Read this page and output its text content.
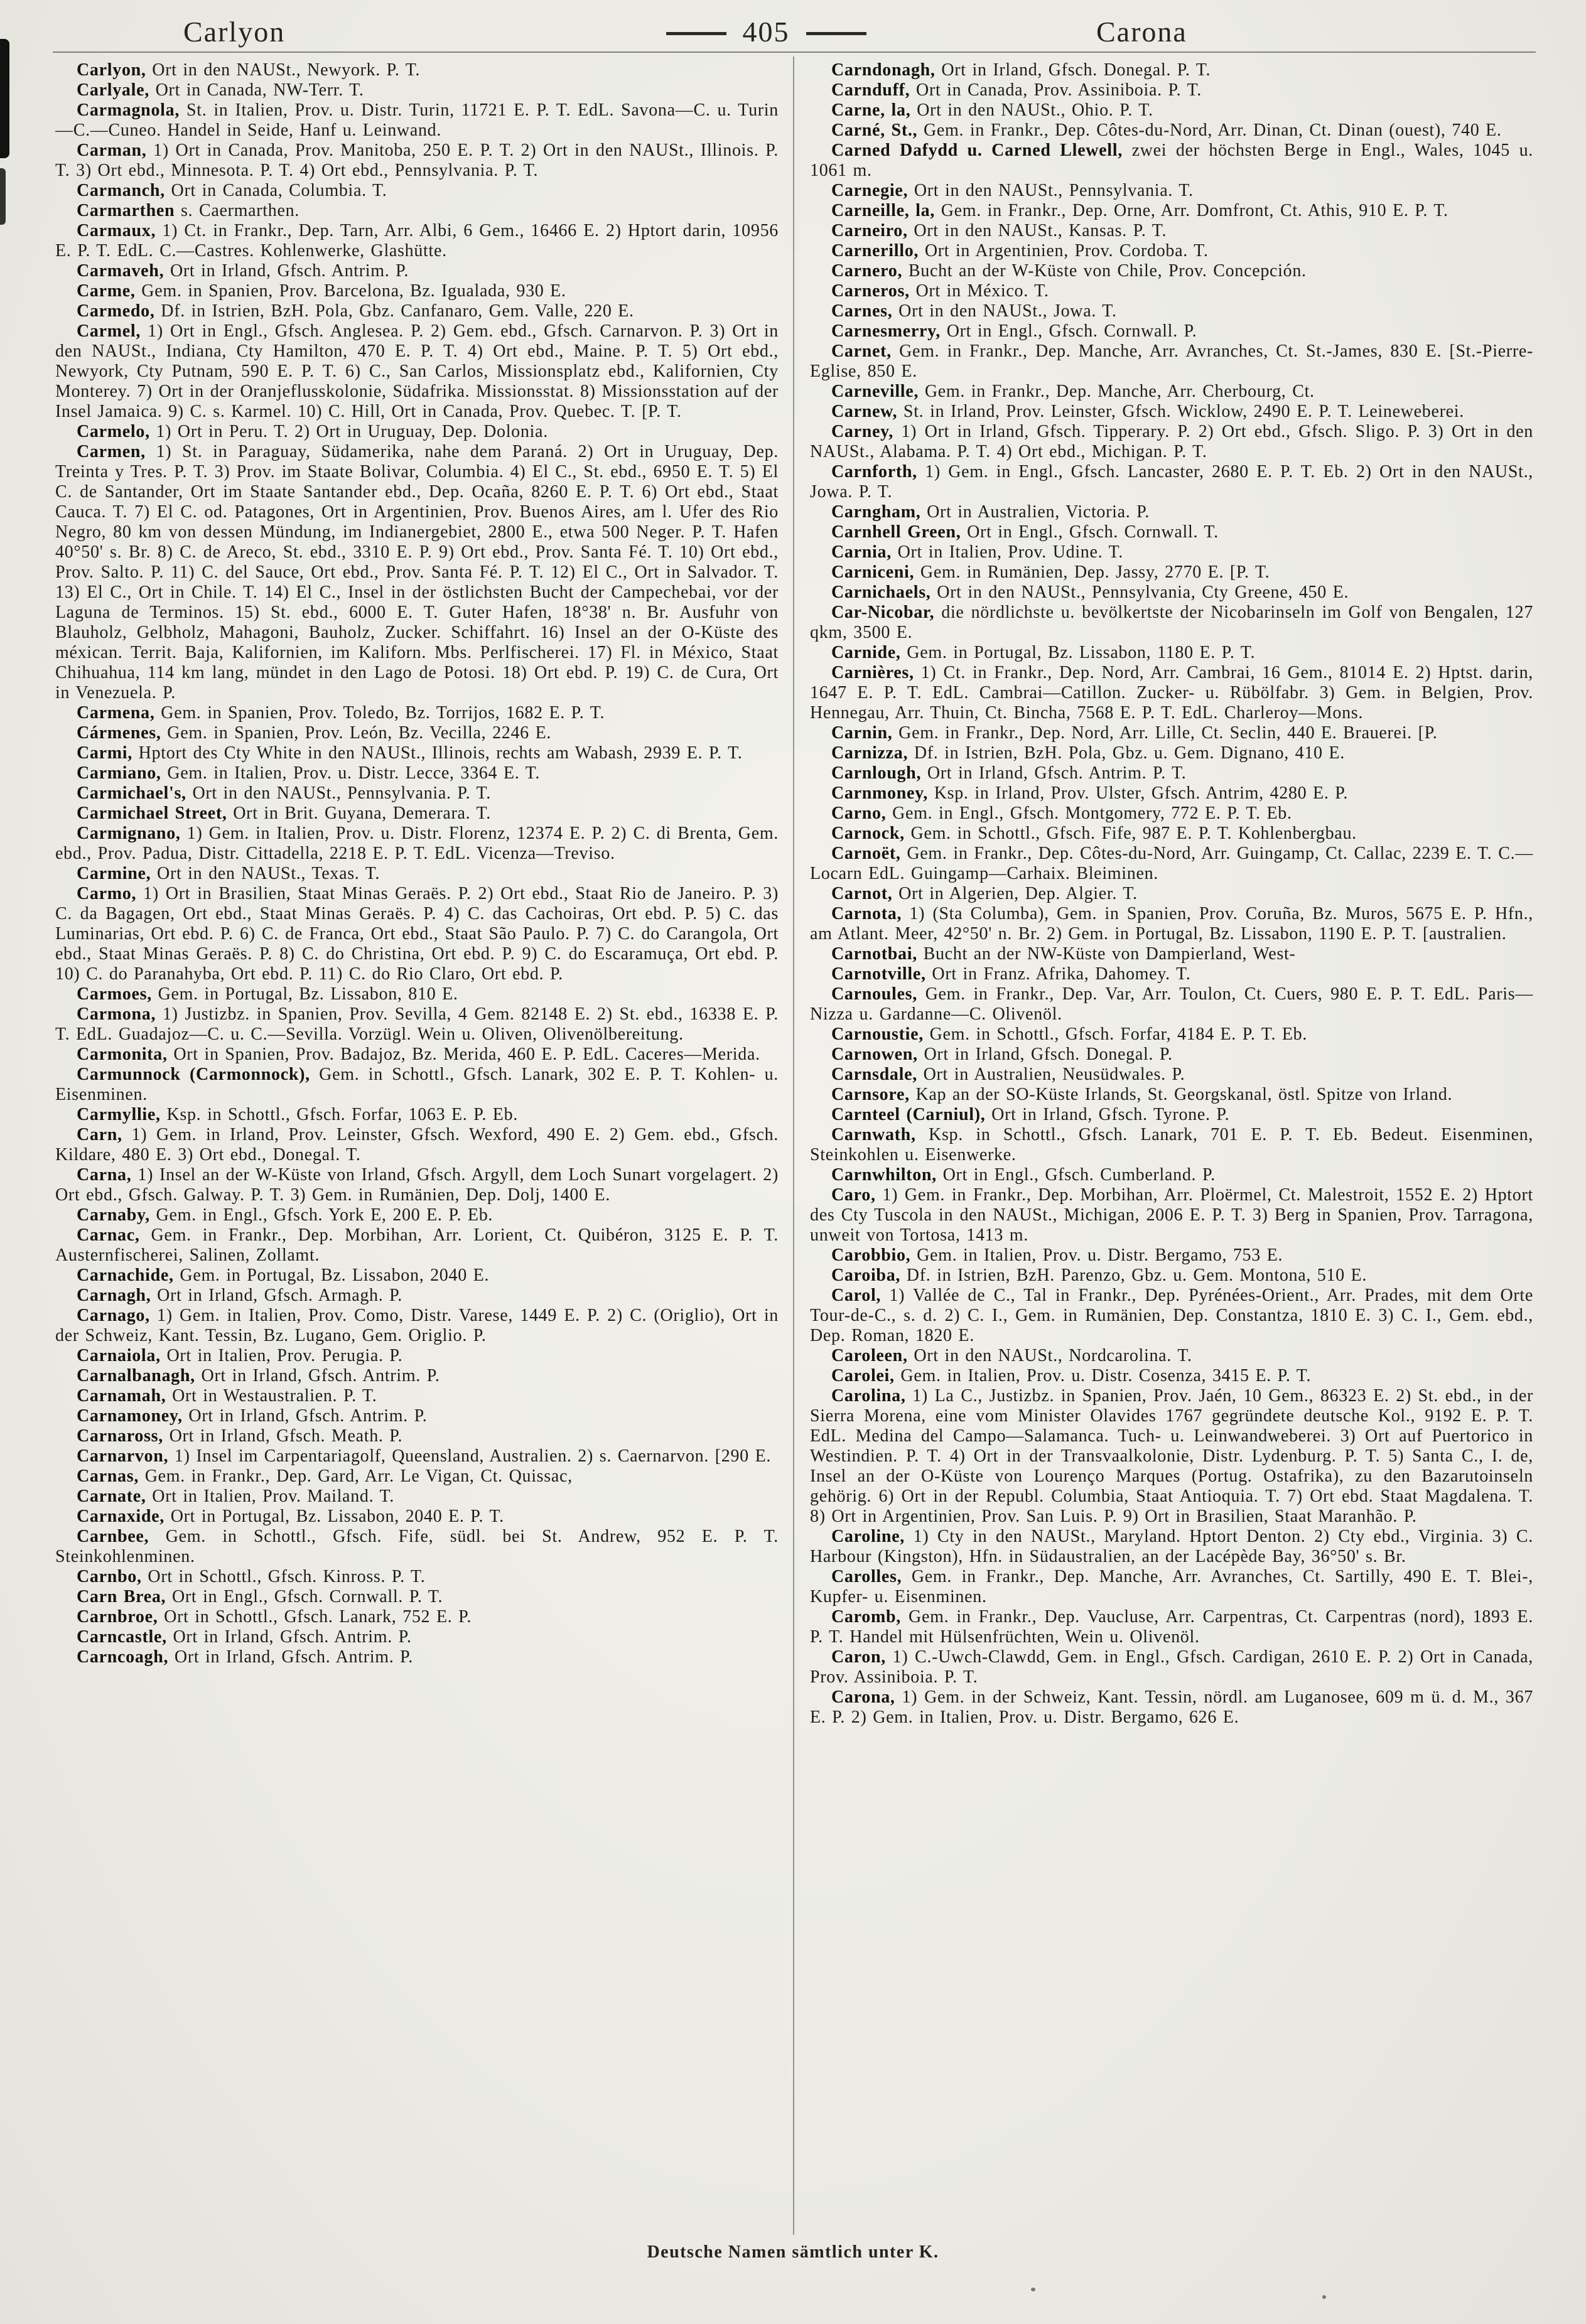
Carlyon	405	Carona

Carlyon, Ort in den NAUSt., Newyork. P. T.

Carlyale, Ort in Canada, NW-Terr. T.

Carmagnola, St. in Italien, Prov. u. Distr. Turin, 11721 E. P. T. EdL. Savona—C. u. Turin—C.—Cuneo. Handel in Seide, Hanf u. Leinwand.

Carman, 1) Ort in Canada, Prov. Manitoba, 250 E. P. T. 2) Ort in den NAUSt., Illinois. P. T. 3) Ort ebd., Minnesota. P. T. 4) Ort ebd., Pennsylvania. P. T.

Carmanch, Ort in Canada, Columbia. T.

Carmarthen s. Caermarthen.

Carmaux, 1) Ct. in Frankr., Dep. Tarn, Arr. Albi, 6 Gem., 16466 E. 2) Hptort darin, 10956 E. P. T. EdL. C.—Castres. Kohlenwerke, Glashütte.

Carmaveh, Ort in Irland, Gfsch. Antrim. P.

Carme, Gem. in Spanien, Prov. Barcelona, Bz. Igualada, 930 E.

Carmedo, Df. in Istrien, BzH. Pola, Gbz. Canfanaro, Gem. Valle, 220 E.

Carmel, 1) Ort in Engl., Gfsch. Anglesea. P. 2) Gem. ebd., Gfsch. Carnarvon. P. 3) Ort in den NAUSt., Indiana, Cty Hamilton, 470 E. P. T. 4) Ort ebd., Maine. P. T. 5) Ort ebd., Newyork, Cty Putnam, 590 E. P. T. 6) C., San Carlos, Missionsplatz ebd., Kalifornien, Cty Monterey. 7) Ort in der Oranjeflusskolonie, Südafrika. Missionsstat. 8) Missionsstation auf der Insel Jamaica. 9) C. s. Karmel. 10) C. Hill, Ort in Canada, Prov. Quebec. T. [P. T.

Carmelo, 1) Ort in Peru. T. 2) Ort in Uruguay, Dep. Dolonia.

Carmen, 1) St. in Paraguay, Südamerika, nahe dem Paraná. 2) Ort in Uruguay, Dep. Treinta y Tres. P. T. 3) Prov. im Staate Bolivar, Columbia. 4) El C., St. ebd., 6950 E. T. 5) El C. de Santander, Ort im Staate Santander ebd., Dep. Ocaña, 8260 E. P. T. 6) Ort ebd., Staat Cauca. T. 7) El C. od. Patagones, Ort in Argentinien, Prov. Buenos Aires, am l. Ufer des Rio Negro, 80 km von dessen Mündung, im Indianergebiet, 2800 E., etwa 500 Neger. P. T. Hafen 40°50' s. Br. 8) C. de Areco, St. ebd., 3310 E. P. 9) Ort ebd., Prov. Santa Fé. T. 10) Ort ebd., Prov. Salto. P. 11) C. del Sauce, Ort ebd., Prov. Santa Fé. P. T. 12) El C., Ort in Salvador. T. 13) El C., Ort in Chile. T. 14) El C., Insel in der östlichsten Bucht der Campechebai, vor der Laguna de Terminos. 15) St. ebd., 6000 E. T. Guter Hafen, 18°38' n. Br. Ausfuhr von Blauholz, Gelbholz, Mahagoni, Bauholz, Zucker. Schiffahrt. 16) Insel an der O-Küste des méxican. Territ. Baja, Kalifornien, im Kaliforn. Mbs. Perlfischerei. 17) Fl. in México, Staat Chihuahua, 114 km lang, mündet in den Lago de Potosi. 18) Ort ebd. P. 19) C. de Cura, Ort in Venezuela. P.

Carmena, Gem. in Spanien, Prov. Toledo, Bz. Torrijos, 1682 E. P. T.

Cármenes, Gem. in Spanien, Prov. León, Bz. Vecilla, 2246 E.

Carmi, Hptort des Cty White in den NAUSt., Illinois, rechts am Wabash, 2939 E. P. T.

Carmiano, Gem. in Italien, Prov. u. Distr. Lecce, 3364 E. T.

Carmichael's, Ort in den NAUSt., Pennsylvania. P. T.

Carmichael Street, Ort in Brit. Guyana, Demerara. T.

Carmignano, 1) Gem. in Italien, Prov. u. Distr. Florenz, 12374 E. P. 2) C. di Brenta, Gem. ebd., Prov. Padua, Distr. Cittadella, 2218 E. P. T. EdL. Vicenza—Treviso.

Carmine, Ort in den NAUSt., Texas. T.

Carmo, 1) Ort in Brasilien, Staat Minas Geraës. P. 2) Ort ebd., Staat Rio de Janeiro. P. 3) C. da Bagagen, Ort ebd., Staat Minas Geraës. P. 4) C. das Cachoiras, Ort ebd. P. 5) C. das Luminarias, Ort ebd. P. 6) C. de Franca, Ort ebd., Staat São Paulo. P. 7) C. do Carangola, Ort ebd., Staat Minas Geraës. P. 8) C. do Christina, Ort ebd. P. 9) C. do Escaramuça, Ort ebd. P. 10) C. do Paranahyba, Ort ebd. P. 11) C. do Rio Claro, Ort ebd. P.

Carmoes, Gem. in Portugal, Bz. Lissabon, 810 E.

Carmona, 1) Justizbz. in Spanien, Prov. Sevilla, 4 Gem. 82148 E. 2) St. ebd., 16338 E. P. T. EdL. Guadajoz—C. u. C.—Sevilla. Vorzügl. Wein u. Oliven, Olivenölbereitung.

Carmonita, Ort in Spanien, Prov. Badajoz, Bz. Merida, 460 E. P. EdL. Caceres—Merida.

Carmunnock (Carmonnock), Gem. in Schottl., Gfsch. Lanark, 302 E. P. T. Kohlen- u. Eisenminen.

Carmyllie, Ksp. in Schottl., Gfsch. Forfar, 1063 E. P. Eb.

Carn, 1) Gem. in Irland, Prov. Leinster, Gfsch. Wexford, 490 E. 2) Gem. ebd., Gfsch. Kildare, 480 E. 3) Ort ebd., Donegal. T.

Carna, 1) Insel an der W-Küste von Irland, Gfsch. Argyll, dem Loch Sunart vorgelagert. 2) Ort ebd., Gfsch. Galway. P. T. 3) Gem. in Rumänien, Dep. Dolj, 1400 E.

Carnaby, Gem. in Engl., Gfsch. York E, 200 E. P. Eb.

Carnac, Gem. in Frankr., Dep. Morbihan, Arr. Lorient, Ct. Quibéron, 3125 E. P. T. Austernfischerei, Salinen, Zollamt.

Carnachide, Gem. in Portugal, Bz. Lissabon, 2040 E.

Carnagh, Ort in Irland, Gfsch. Armagh. P.

Carnago, 1) Gem. in Italien, Prov. Como, Distr. Varese, 1449 E. P. 2) C. (Origlio), Ort in der Schweiz, Kant. Tessin, Bz. Lugano, Gem. Origlio. P.

Carnaiola, Ort in Italien, Prov. Perugia. P.

Carnalbanagh, Ort in Irland, Gfsch. Antrim. P.

Carnamah, Ort in Westaustralien. P. T.

Carnamoney, Ort in Irland, Gfsch. Antrim. P.

Carnaross, Ort in Irland, Gfsch. Meath. P.

Carnarvon, 1) Insel im Carpentariagolf, Queensland, Australien. 2) s. Caernarvon. [290 E.

Carnas, Gem. in Frankr., Dep. Gard, Arr. Le Vigan, Ct. Quissac,

Carnate, Ort in Italien, Prov. Mailand. T.

Carnaxide, Ort in Portugal, Bz. Lissabon, 2040 E. P. T.

Carnbee, Gem. in Schottl., Gfsch. Fife, südl. bei St. Andrew, 952 E. P. T. Steinkohlenminen.

Carnbo, Ort in Schottl., Gfsch. Kinross. P. T.

Carn Brea, Ort in Engl., Gfsch. Cornwall. P. T.

Carnbroe, Ort in Schottl., Gfsch. Lanark, 752 E. P.

Carncastle, Ort in Irland, Gfsch. Antrim. P.

Carncoagh, Ort in Irland, Gfsch. Antrim. P.

Carndonagh, Ort in Irland, Gfsch. Donegal. P. T.

Carnduff, Ort in Canada, Prov. Assiniboia. P. T.

Carne, la, Ort in den NAUSt., Ohio. P. T.

Carné, St., Gem. in Frankr., Dep. Côtes-du-Nord, Arr. Dinan, Ct. Dinan (ouest), 740 E.

Carned Dafydd u. Carned Llewell, zwei der höchsten Berge in Engl., Wales, 1045 u. 1061 m.

Carnegie, Ort in den NAUSt., Pennsylvania. T.

Carneille, la, Gem. in Frankr., Dep. Orne, Arr. Domfront, Ct. Athis, 910 E. P. T.

Carneiro, Ort in den NAUSt., Kansas. P. T.

Carnerillo, Ort in Argentinien, Prov. Cordoba. T.

Carnero, Bucht an der W-Küste von Chile, Prov. Concepción.

Carneros, Ort in México. T.

Carnes, Ort in den NAUSt., Jowa. T.

Carnesmerry, Ort in Engl., Gfsch. Cornwall. P.

Carnet, Gem. in Frankr., Dep. Manche, Arr. Avranches, Ct. St.-James, 830 E. [St.-Pierre-Eglise, 850 E.

Carneville, Gem. in Frankr., Dep. Manche, Arr. Cherbourg, Ct.

Carnew, St. in Irland, Prov. Leinster, Gfsch. Wicklow, 2490 E. P. T. Leineweberei.

Carney, 1) Ort in Irland, Gfsch. Tipperary. P. 2) Ort ebd., Gfsch. Sligo. P. 3) Ort in den NAUSt., Alabama. P. T. 4) Ort ebd., Michigan. P. T.

Carnforth, 1) Gem. in Engl., Gfsch. Lancaster, 2680 E. P. T. Eb. 2) Ort in den NAUSt., Jowa. P. T.

Carngham, Ort in Australien, Victoria. P.

Carnhell Green, Ort in Engl., Gfsch. Cornwall. T.

Carnia, Ort in Italien, Prov. Udine. T.

Carniceni, Gem. in Rumänien, Dep. Jassy, 2770 E. [P. T.

Carnichaels, Ort in den NAUSt., Pennsylvania, Cty Greene, 450 E.

Car-Nicobar, die nördlichste u. bevölkertste der Nicobarinseln im Golf von Bengalen, 127 qkm, 3500 E.

Carnide, Gem. in Portugal, Bz. Lissabon, 1180 E. P. T.

Carnières, 1) Ct. in Frankr., Dep. Nord, Arr. Cambrai, 16 Gem., 81014 E. 2) Hptst. darin, 1647 E. P. T. EdL. Cambrai—Catillon. Zucker- u. Rübölfabr. 3) Gem. in Belgien, Prov. Hennegau, Arr. Thuin, Ct. Bincha, 7568 E. P. T. EdL. Charleroy—Mons.

Carnin, Gem. in Frankr., Dep. Nord, Arr. Lille, Ct. Seclin, 440 E. Brauerei. [P.

Carnizza, Df. in Istrien, BzH. Pola, Gbz. u. Gem. Dignano, 410 E.

Carnlough, Ort in Irland, Gfsch. Antrim. P. T.

Carnmoney, Ksp. in Irland, Prov. Ulster, Gfsch. Antrim, 4280 E. P.

Carno, Gem. in Engl., Gfsch. Montgomery, 772 E. P. T. Eb.

Carnock, Gem. in Schottl., Gfsch. Fife, 987 E. P. T. Kohlenbergbau.

Carnoët, Gem. in Frankr., Dep. Côtes-du-Nord, Arr. Guingamp, Ct. Callac, 2239 E. T. C.—Locarn EdL. Guingamp—Carhaix. Bleiminen.

Carnot, Ort in Algerien, Dep. Algier. T.

Carnota, 1) (Sta Columba), Gem. in Spanien, Prov. Coruña, Bz. Muros, 5675 E. P. Hfn., am Atlant. Meer, 42°50' n. Br. 2) Gem. in Portugal, Bz. Lissabon, 1190 E. P. T. [australien.

Carnotbai, Bucht an der NW-Küste von Dampierland, West-

Carnotville, Ort in Franz. Afrika, Dahomey. T.

Carnoules, Gem. in Frankr., Dep. Var, Arr. Toulon, Ct. Cuers, 980 E. P. T. EdL. Paris—Nizza u. Gardanne—C. Olivenöl.

Carnoustie, Gem. in Schottl., Gfsch. Forfar, 4184 E. P. T. Eb.

Carnowen, Ort in Irland, Gfsch. Donegal. P.

Carnsdale, Ort in Australien, Neusüdwales. P.

Carnsore, Kap an der SO-Küste Irlands, St. Georgskanal, östl. Spitze von Irland.

Carnteel (Carniul), Ort in Irland, Gfsch. Tyrone. P.

Carnwath, Ksp. in Schottl., Gfsch. Lanark, 701 E. P. T. Eb. Bedeut. Eisenminen, Steinkohlen u. Eisenwerke.

Carnwhilton, Ort in Engl., Gfsch. Cumberland. P.

Caro, 1) Gem. in Frankr., Dep. Morbihan, Arr. Ploërmel, Ct. Malestroit, 1552 E. 2) Hptort des Cty Tuscola in den NAUSt., Michigan, 2006 E. P. T. 3) Berg in Spanien, Prov. Tarragona, unweit von Tortosa, 1413 m.

Carobbio, Gem. in Italien, Prov. u. Distr. Bergamo, 753 E.

Caroiba, Df. in Istrien, BzH. Parenzo, Gbz. u. Gem. Montona, 510 E.

Carol, 1) Vallée de C., Tal in Frankr., Dep. Pyrénées-Orient., Arr. Prades, mit dem Orte Tour-de-C., s. d. 2) C. I., Gem. in Rumänien, Dep. Constantza, 1810 E. 3) C. I., Gem. ebd., Dep. Roman, 1820 E.

Caroleen, Ort in den NAUSt., Nordcarolina. T.

Carolei, Gem. in Italien, Prov. u. Distr. Cosenza, 3415 E. P. T.

Carolina, 1) La C., Justizbz. in Spanien, Prov. Jaén, 10 Gem., 86323 E. 2) St. ebd., in der Sierra Morena, eine vom Minister Olavides 1767 gegründete deutsche Kol., 9192 E. P. T. EdL. Medina del Campo—Salamanca. Tuch- u. Leinwandweberei. 3) Ort auf Puertorico in Westindien. P. T. 4) Ort in der Transvaalkolonie, Distr. Lydenburg. P. T. 5) Santa C., I. de, Insel an der O-Küste von Lourenço Marques (Portug. Ostafrika), zu den Bazarutoinseln gehörig. 6) Ort in der Republ. Columbia, Staat Antioquia. T. 7) Ort ebd. Staat Magdalena. T. 8) Ort in Argentinien, Prov. San Luis. P. 9) Ort in Brasilien, Staat Maranhão. P.

Caroline, 1) Cty in den NAUSt., Maryland. Hptort Denton. 2) Cty ebd., Virginia. 3) C. Harbour (Kingston), Hfn. in Südaustralien, an der Lacépède Bay, 36°50' s. Br.

Carolles, Gem. in Frankr., Dep. Manche, Arr. Avranches, Ct. Sartilly, 490 E. T. Blei-, Kupfer- u. Eisenminen.

Caromb, Gem. in Frankr., Dep. Vaucluse, Arr. Carpentras, Ct. Carpentras (nord), 1893 E. P. T. Handel mit Hülsenfrüchten, Wein u. Olivenöl.

Caron, 1) C.-Uwch-Clawdd, Gem. in Engl., Gfsch. Cardigan, 2610 E. P. 2) Ort in Canada, Prov. Assiniboia. P. T.

Carona, 1) Gem. in der Schweiz, Kant. Tessin, nördl. am Luganosee, 609 m ü. d. M., 367 E. P. 2) Gem. in Italien, Prov. u. Distr. Bergamo, 626 E.

Deutsche Namen sämtlich unter K.
